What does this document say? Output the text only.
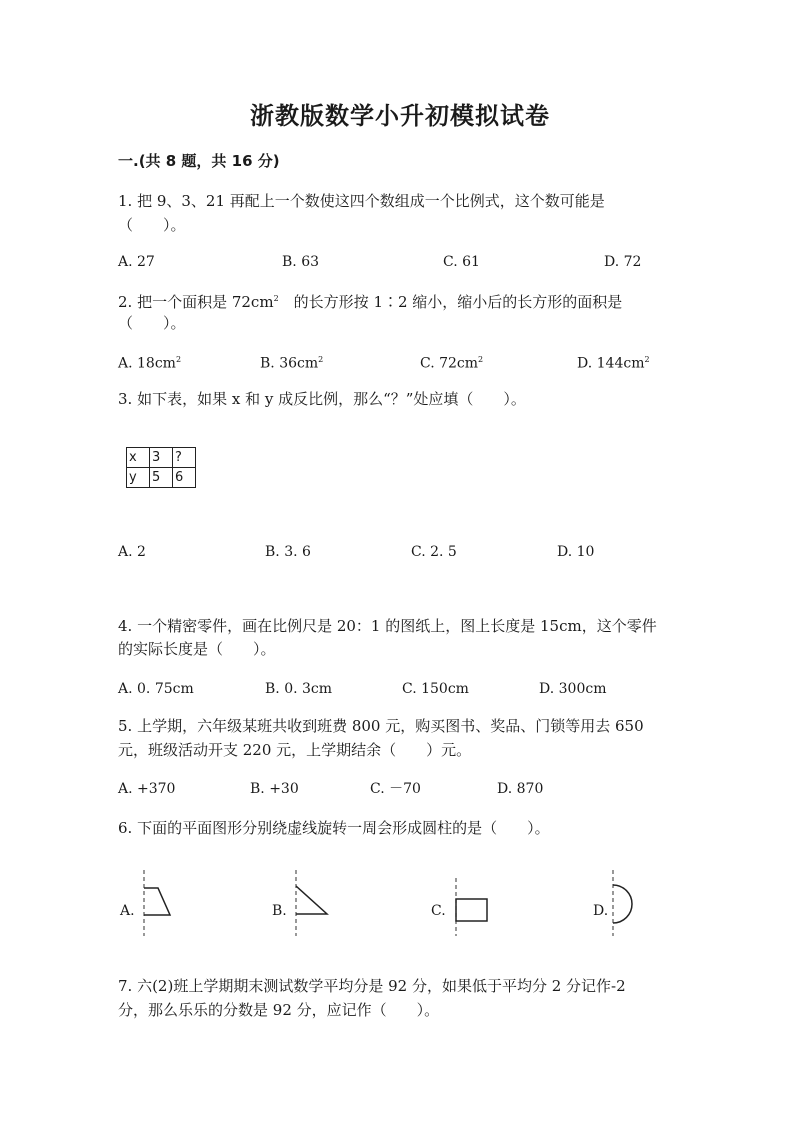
浙教版数学小升初模拟试卷
一.(共 8 题，共 16 分)
1. 把 9、3、21 再配上一个数使这四个数组成一个比例式，这个数可能是
（　　）。
A. 27	B. 63	C. 61	D. 72
2. 把一个面积是 $72cm^2$　 的长方形按 1∶2 缩小，缩小后的长方形的面积是
（　　）。
A. $18cm^2$	B. $36cm^2$	C. $72cm^2$	D. $144cm^2$
3. 如下表，如果 x 和 y 成反比例，那么“？”处应填（　　）。
x	3	?
y	5	6
A. 2	B. 3. 6	C. 2. 5	D. 10
4. 一个精密零件，画在比例尺是 20：1 的图纸上，图上长度是 15cm，这个零件
的实际长度是（　　）。
A. 0. 75cm	B. 0. 3cm	C. 150cm	D. 300cm
5. 上学期，六年级某班共收到班费 800 元，购买图书、奖品、门锁等用去 650
元，班级活动开支 220 元，上学期结余（　　）元。
A. +370	B. +30	C. －70	D. 870
6. 下面的平面图形分别绕虚线旋转一周会形成圆柱的是（　　）。
A.	B.	C.	D.
7. 六(2)班上学期期末测试数学平均分是 92 分，如果低于平均分 2 分记作-2
分，那么乐乐的分数是 92 分，应记作（　　）。
